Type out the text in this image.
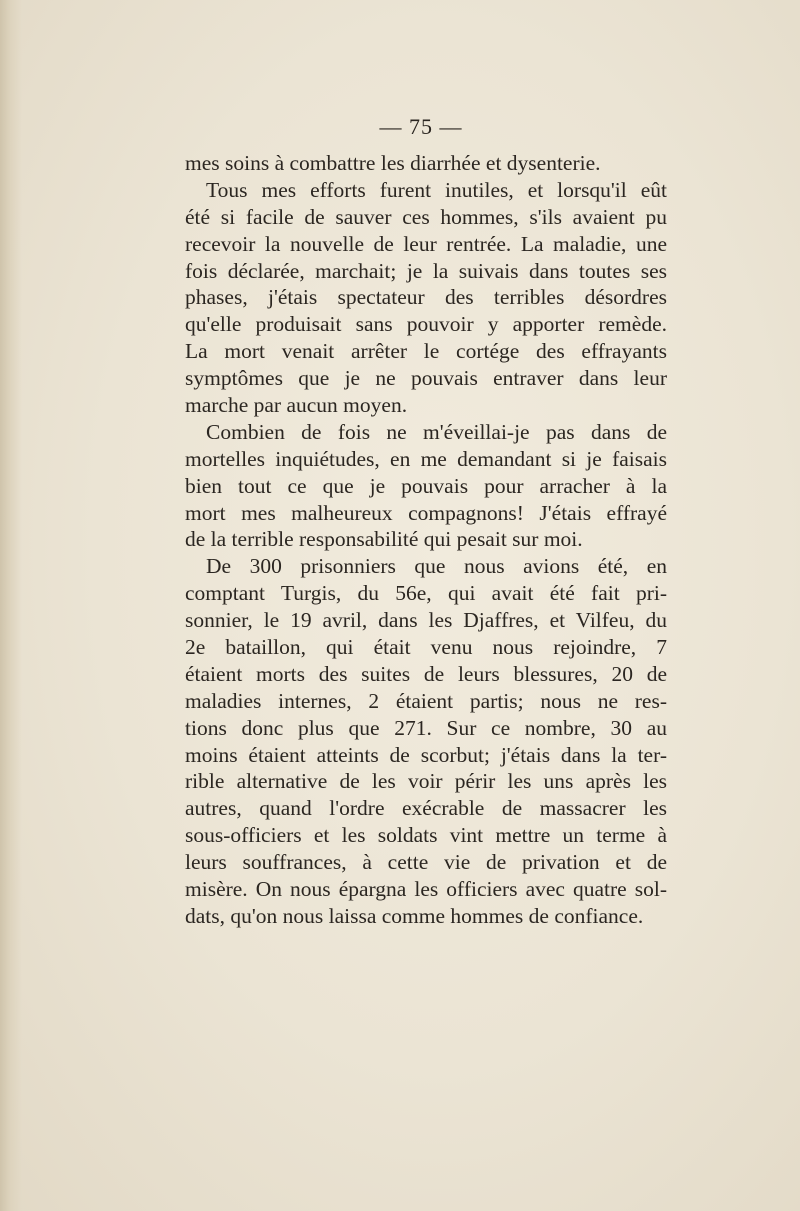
— 75 —
mes soins à combattre les diarrhée et dysenterie.
Tous mes efforts furent inutiles, et lorsqu'il eût
été si facile de sauver ces hommes, s'ils avaient pu
recevoir la nouvelle de leur rentrée. La maladie, une
fois déclarée, marchait; je la suivais dans toutes ses
phases, j'étais spectateur des terribles désordres
qu'elle produisait sans pouvoir y apporter remède.
La mort venait arrêter le cortége des effrayants
symptômes que je ne pouvais entraver dans leur
marche par aucun moyen.
Combien de fois ne m'éveillai-je pas dans de
mortelles inquiétudes, en me demandant si je faisais
bien tout ce que je pouvais pour arracher à la
mort mes malheureux compagnons! J'étais effrayé
de la terrible responsabilité qui pesait sur moi.
De 300 prisonniers que nous avions été, en
comptant Turgis, du 56e, qui avait été fait pri-
sonnier, le 19 avril, dans les Djaffres, et Vilfeu, du
2e bataillon, qui était venu nous rejoindre, 7
étaient morts des suites de leurs blessures, 20 de
maladies internes, 2 étaient partis; nous ne res-
tions donc plus que 271. Sur ce nombre, 30 au
moins étaient atteints de scorbut; j'étais dans la ter-
rible alternative de les voir périr les uns après les
autres, quand l'ordre exécrable de massacrer les
sous-officiers et les soldats vint mettre un terme à
leurs souffrances, à cette vie de privation et de
misère. On nous épargna les officiers avec quatre sol-
dats, qu'on nous laissa comme hommes de confiance.
